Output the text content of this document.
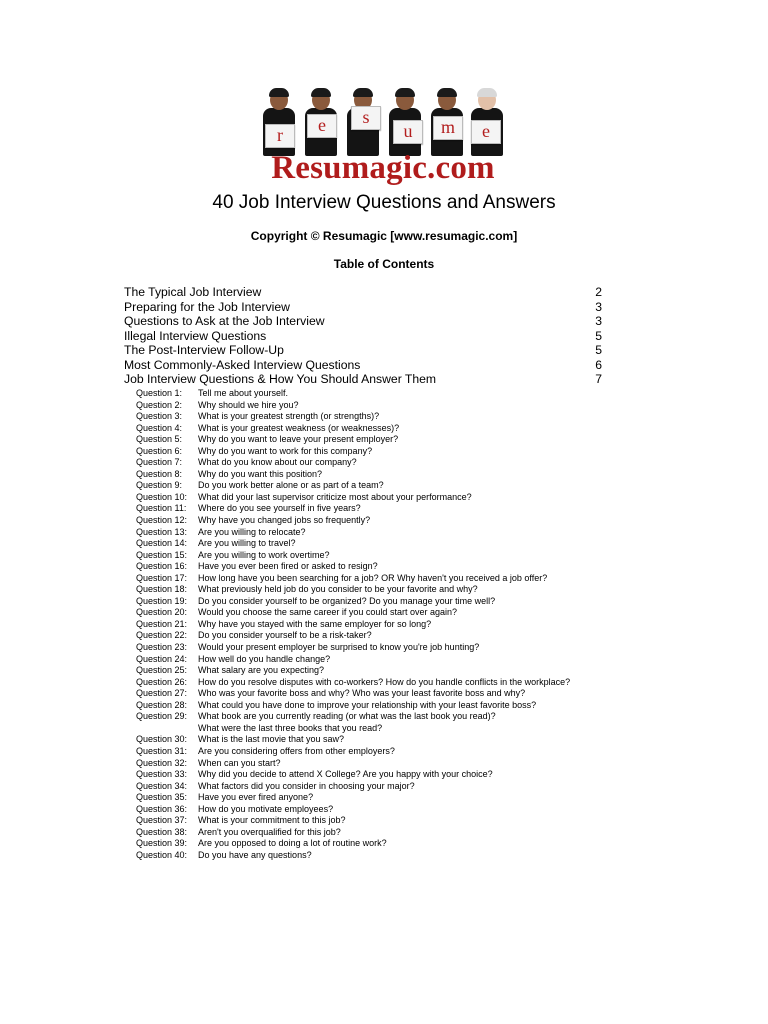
r	e	s
u	m	e
Resumagic.com
40 Job Interview Questions and Answers
Copyright © Resumagic [www.resumagic.com]
Table of Contents
The Typical Job Interview	2
Preparing for the Job Interview	3
Questions to Ask at the Job Interview	3
Illegal Interview Questions	5
The Post-Interview Follow-Up	5
Most Commonly-Asked Interview Questions	6
Job Interview Questions & How You Should Answer Them	7
Question 1: Tell me about yourself.
Question 2: Why should we hire you?
Question 3: What is your greatest strength (or strengths)?
Question 4: What is your greatest weakness (or weaknesses)?
Question 5: Why do you want to leave your present employer?
Question 6: Why do you want to work for this company?
Question 7: What do you know about our company?
Question 8: Why do you want this position?
Question 9: Do you work better alone or as part of a team?
Question 10: What did your last supervisor criticize most about your performance?
Question 11: Where do you see yourself in five years?
Question 12: Why have you changed jobs so frequently?
Question 13: Are you willing to relocate?
Question 14: Are you willing to travel?
Question 15: Are you willing to work overtime?
Question 16: Have you ever been fired or asked to resign?
Question 17: How long have you been searching for a job? OR Why haven't you received a job offer?
Question 18: What previously held job do you consider to be your favorite and why?
Question 19: Do you consider yourself to be organized? Do you manage your time well?
Question 20: Would you choose the same career if you could start over again?
Question 21: Why have you stayed with the same employer for so long?
Question 22: Do you consider yourself to be a risk-taker?
Question 23: Would your present employer be surprised to know you're job hunting?
Question 24: How well do you handle change?
Question 25: What salary are you expecting?
Question 26: How do you resolve disputes with co-workers? How do you handle conflicts in the workplace?
Question 27: Who was your favorite boss and why? Who was your least favorite boss and why?
Question 28: What could you have done to improve your relationship with your least favorite boss?
Question 29: What book are you currently reading (or what was the last book you read)?
What were the last three books that you read?
Question 30: What is the last movie that you saw?
Question 31: Are you considering offers from other employers?
Question 32: When can you start?
Question 33: Why did you decide to attend X College? Are you happy with your choice?
Question 34: What factors did you consider in choosing your major?
Question 35: Have you ever fired anyone?
Question 36: How do you motivate employees?
Question 37: What is your commitment to this job?
Question 38: Aren't you overqualified for this job?
Question 39: Are you opposed to doing a lot of routine work?
Question 40: Do you have any questions?
